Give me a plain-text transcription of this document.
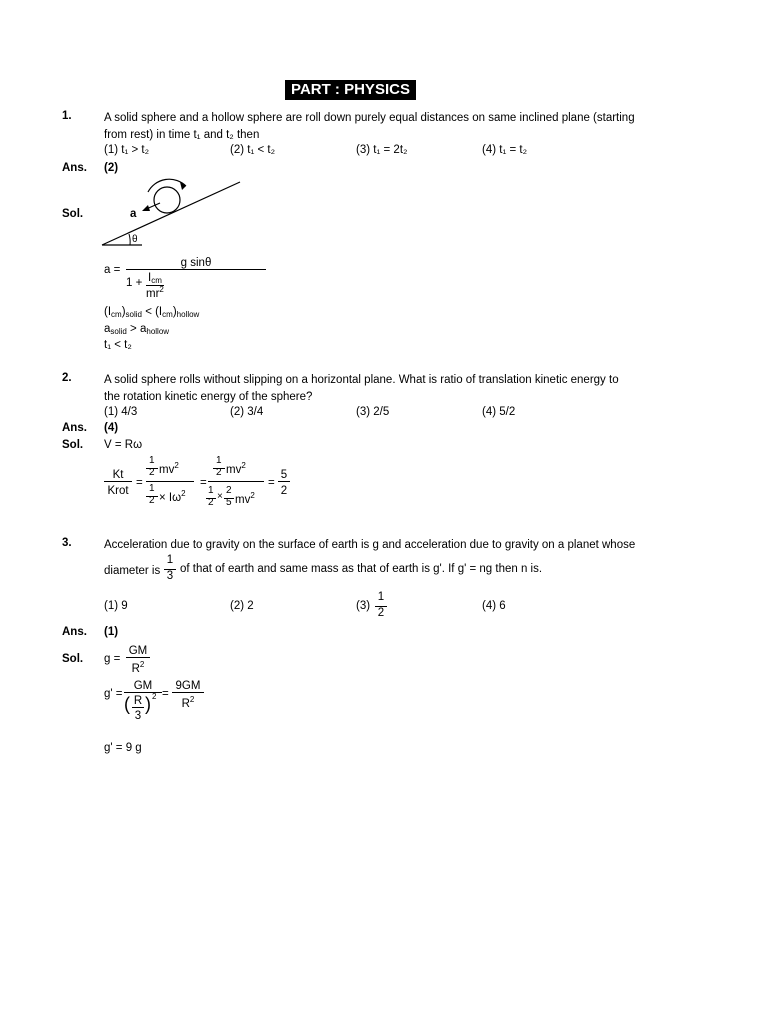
PART : PHYSICS
1.	A solid sphere and a hollow sphere are roll down purely equal distances on same inclined plane (starting
from rest) in time t₁ and t₂ then
(1) t₁ > t₂	(2) t₁ < t₂	(3) t₁ = 2t₂	(4) t₁ = t₂
Ans. (2)
Sol.	a
θ
a =
g sinθ
$1 + I_{cm}$
$mr^2$
$(I_{cm})_{solid} < (I_{cm})_{hollow}$
$a_{solid} > a_{hollow}$
t₁ < t₂
2.	A solid sphere rolls without slipping on a horizontal plane. What is ratio of translation kinetic energy to
the rotation kinetic energy of the sphere?
(1) 4/3	(2) 3/4	(3) 2/5	(4) 5/2
Ans. (4)
Sol. V = Rω
Kt
Krot
=
1
2 $mv^2$
1
$2 \times I\omega^2$
=
1
2 $mv^2$
1
2
×
2
5 $mv^2$
=
5
2
3.	Acceleration due to gravity on the surface of earth is g and acceleration due to gravity on a planet whose
diameter is
1
3
of that of earth and same mass as that of earth is g'. If g' = ng then n is.
(1) 9	(2) 2	(3)
1
2
(4) 6
Ans. (1)
Sol. g =
GM
$R^2$
g' =
GM
( R
3
) 2 =
9GM
$R^2$
g' = 9 g
